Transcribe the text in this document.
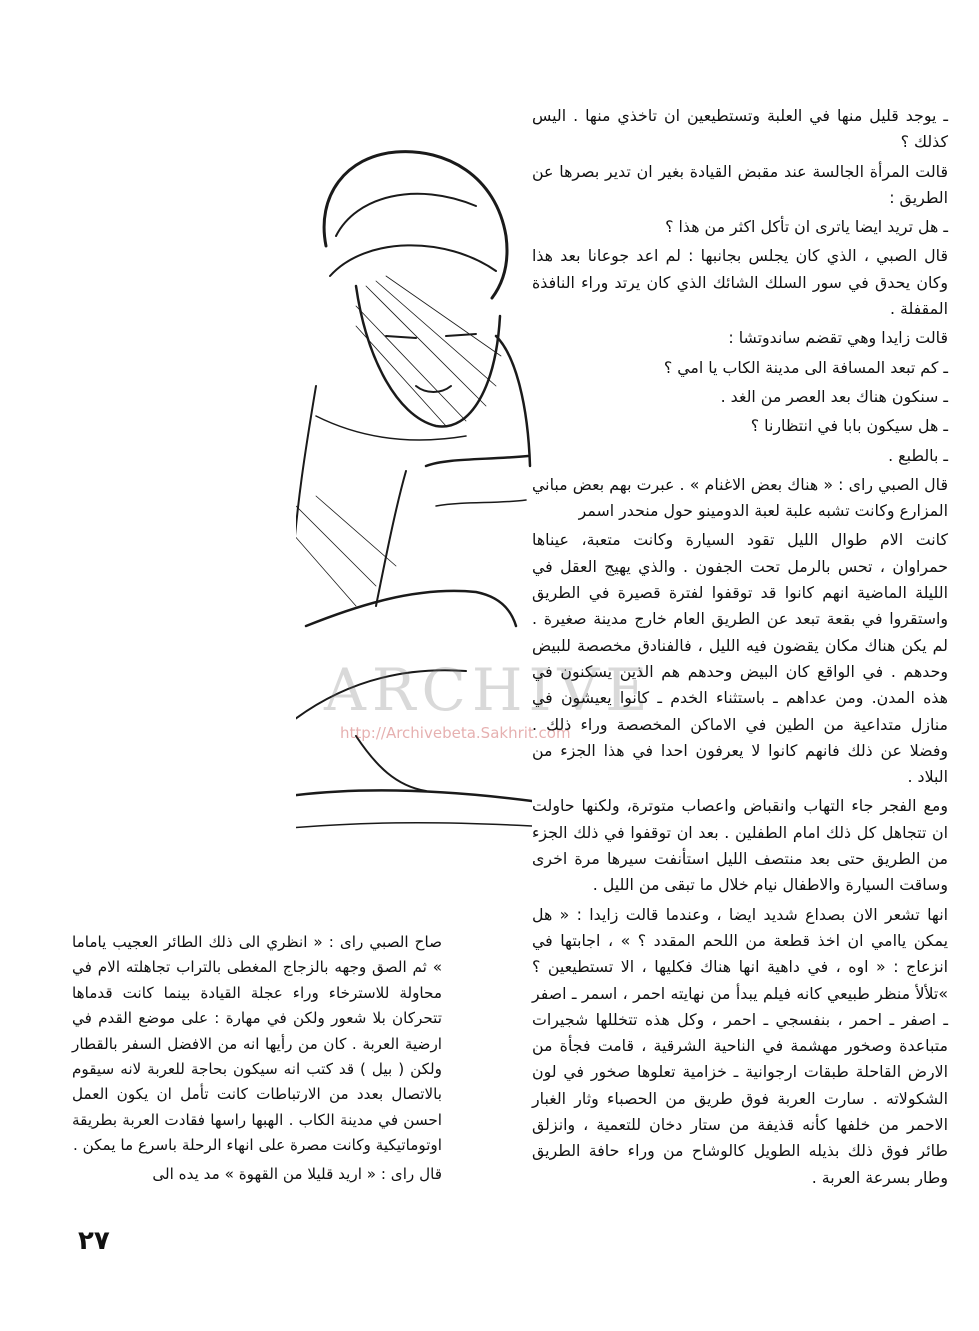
ARCHIVE
http://Archivebeta.Sakhrit.com

ـ يوجد قليل منها في العلبة وتستطيعين ان تاخذي منها . اليس كذلك ؟

قالت المرأة الجالسة عند مقبض القيادة بغير ان تدير بصرها عن الطريق :

ـ هل تريد ايضا ياترى ان تأكل اكثر من هذا ؟

قال الصبي ، الذي كان يجلس بجانبها : لم اعد جوعانا بعد هذا وكان يحدق في سور السلك الشائك الذي كان يرتد وراء النافذة المقفلة .

قالت زايدا وهي تقضم ساندوتشا :

ـ كم تبعد المسافة الى مدينة الكاب يا امي ؟

ـ سنكون هناك بعد العصر من الغد .

ـ هل سيكون بابا في انتظارنا ؟

ـ بالطبع .

قال الصبي راى : « هناك بعض الاغنام » . عبرت بهم بعض مباني المزارع وكانت تشبه علبة لعبة الدومينو حول منحدر اسمر

كانت الام طوال الليل تقود السيارة وكانت متعبة، عيناها حمراوان ، تحس بالرمل تحت الجفون . والذي يهيج العقل في الليلة الماضية انهم كانوا قد توقفوا لفترة قصيرة في الطريق واستقروا في بقعة تبعد عن الطريق العام خارج مدينة صغيرة . لم يكن هناك مكان يقضون فيه الليل ، فالفنادق مخصصة للبيض وحدهم . في الواقع كان البيض وحدهم هم الذين يسكنون في هذه المدن. ومن عداهم ـ باستثناء الخدم ـ كانوا يعيشون في منازل متداعية من الطين في الاماكن المخصصة وراء ذلك . وفضلا عن ذلك فانهم كانوا لا يعرفون احدا في هذا الجزء من البلاد .

ومع الفجر جاء التهاب وانقباض واعصاب متوترة، ولكنها حاولت ان تتجاهل كل ذلك امام الطفلين . بعد ان توقفوا في ذلك الجزء من الطريق حتى بعد منتصف الليل استأنفت سيرها مرة اخرى وساقت السيارة والاطفال نيام خلال ما تبقى من الليل .

انها تشعر الان بصداع شديد ايضا ، وعندما قالت زايدا : « هل يمكن ياامي ان اخذ قطعة من اللحم المقدد ؟ » ، اجابتها في انزعاج : « اوه ، في داهية انها هناك فكليها ، الا تستطيعين ؟ »تلألأ منظر طبيعي كانه فيلم يبدأ من نهايته احمر ، اسمر ـ اصفر ـ اصفر ـ احمر ، بنفسجي ـ احمر ، وكل هذه تتخللها شجيرات متباعدة وصخور مهشمة في الناحية الشرقية ، قامت فجأة من الارض القاحلة طبقات ارجوانية ـ خزامية تعلوها صخور في لون الشكولاته . سارت العربة فوق طريق من الحصباء وثار الغبار الاحمر من خلفها كأنه قذيفة من ستار دخان للتعمية ، وانزلق طائر فوق ذلك بذيله الطويل كالوشاح من وراء حافة الطريق وطار بسرعة العربة .

صاح الصبي راى : « انظري الى ذلك الطائر العجيب ياماما » ثم الصق وجهه بالزجاج المغطى بالتراب تجاهلته الام في محاولة للاسترخاء وراء عجلة القيادة بينما كانت قدماها تتحركان بلا شعور ولكن في مهارة : على موضع القدم في ارضية العربة . كان من رأيها انه من الافضل السفر بالقطار ولكن ( بيل ) قد كتب انه سيكون بحاجة للعربة لانه سيقوم بالاتصال بعدد من الارتباطات كانت تأمل ان يكون العمل احسن في مدينة الكاب . الهبها راسها فقادت العربة بطريقة اوتوماتيكية وكانت مصرة على انهاء الرحلة باسرع ما يمكن .

قال راى : « اريد قليلا من القهوة » مد يده الى

٢٧
